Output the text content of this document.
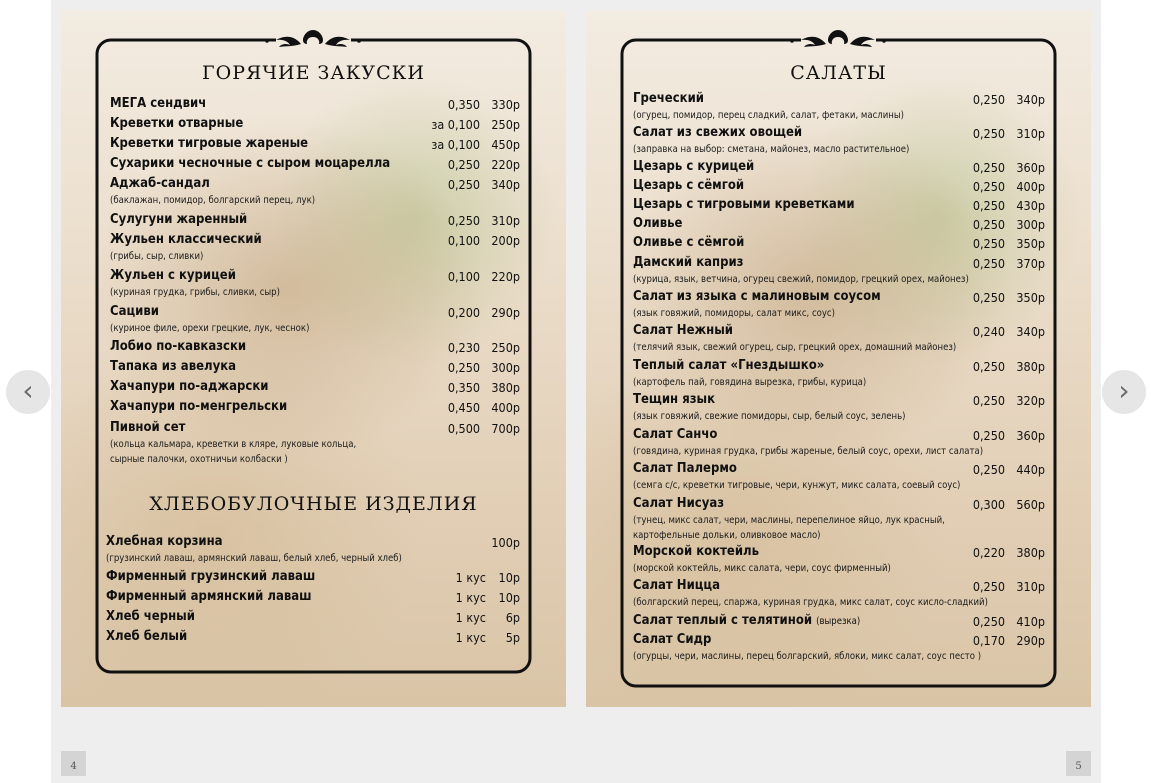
‹	›
ГОРЯЧИЕ ЗАКУСКИ
МЕГА сендвич	0,350 330р
Креветки отварные	за 0,100 250р
Креветки тигровые жареные	за 0,100 450р
Сухарики чесночные с сыром моцарелла	0,250 220р
Аджаб-сандал	0,250 340р
(баклажан, помидор, болгарский перец, лук)
Сулугуни жаренный	0,250 310р
Жульен классический	0,100 200р
(грибы, сыр, сливки)
Жульен с курицей	0,100 220р
(куриная грудка, грибы, сливки, сыр)
Сациви	0,200 290р
(куриное филе, орехи грецкие, лук, чеснок)
Лобио по-кавказски	0,230 250р
Тапака из авелука	0,250 300р
Хачапури по-аджарски	0,350 380р
Хачапури по-менгрельски	0,450 400р
Пивной сет	0,500 700р
(кольца кальмара, креветки в кляре, луковые кольца,
сырные палочки, охотничьи колбаски )
ХЛЕБОБУЛОЧНЫЕ ИЗДЕЛИЯ
Хлебная корзина	100р
(грузинский лаваш, армянский лаваш, белый хлеб, черный хлеб)
Фирменный грузинский лаваш	1 кус	10р
Фирменный армянский лаваш	1 кус	10р
Хлеб черный	1 кус	6р
Хлеб белый	1 кус	5р
САЛАТЫ
Греческий	0,250 340р
(огурец, помидор, перец сладкий, салат, фетаки, маслины)
Салат из свежих овощей	0,250 310р
(заправка на выбор: сметана, майонез, масло растительное)
Цезарь с курицей	0,250 360р
Цезарь с сёмгой	0,250 400р
Цезарь с тигровыми креветками	0,250 430р
Оливье	0,250 300р
Оливье с сёмгой	0,250 350р
Дамский каприз	0,250 370р
(курица, язык, ветчина, огурец свежий, помидор, грецкий орех, майонез)
Салат из языка с малиновым соусом	0,250 350р
(язык говяжий, помидоры, салат микс, соус)
Салат Нежный	0,240 340р
(телячий язык, свежий огурец, сыр, грецкий орех, домашний майонез)
Теплый салат «Гнездышко»	0,250 380р
(картофель пай, говядина вырезка, грибы, курица)
Тещин язык	0,250 320р
(язык говяжий, свежие помидоры, сыр, белый соус, зелень)
Салат Санчо	0,250 360р
(говядина, куриная грудка, грибы жареные, белый соус, орехи, лист салата)
Салат Палермо	0,250 440р
(семга с/с, креветки тигровые, чери, кунжут, микс салата, соевый соус)
Салат Нисуаз	0,300 560р
(тунец, микс салат, чери, маслины, перепелиное яйцо, лук красный,
картофельные дольки, оливковое масло)
Морской коктейль	0,220 380р
(морской коктейль, микс салата, чери, соус фирменный)
Салат Ницца	0,250 310р
(болгарский перец, спаржа, куриная грудка, микс салат, соус кисло-сладкий)
Салат теплый с телятиной (вырезка)	0,250 410р
Салат Сидр	0,170 290р
(огурцы, чери, маслины, перец болгарский, яблоки, микс салат, соус песто )
4	5
